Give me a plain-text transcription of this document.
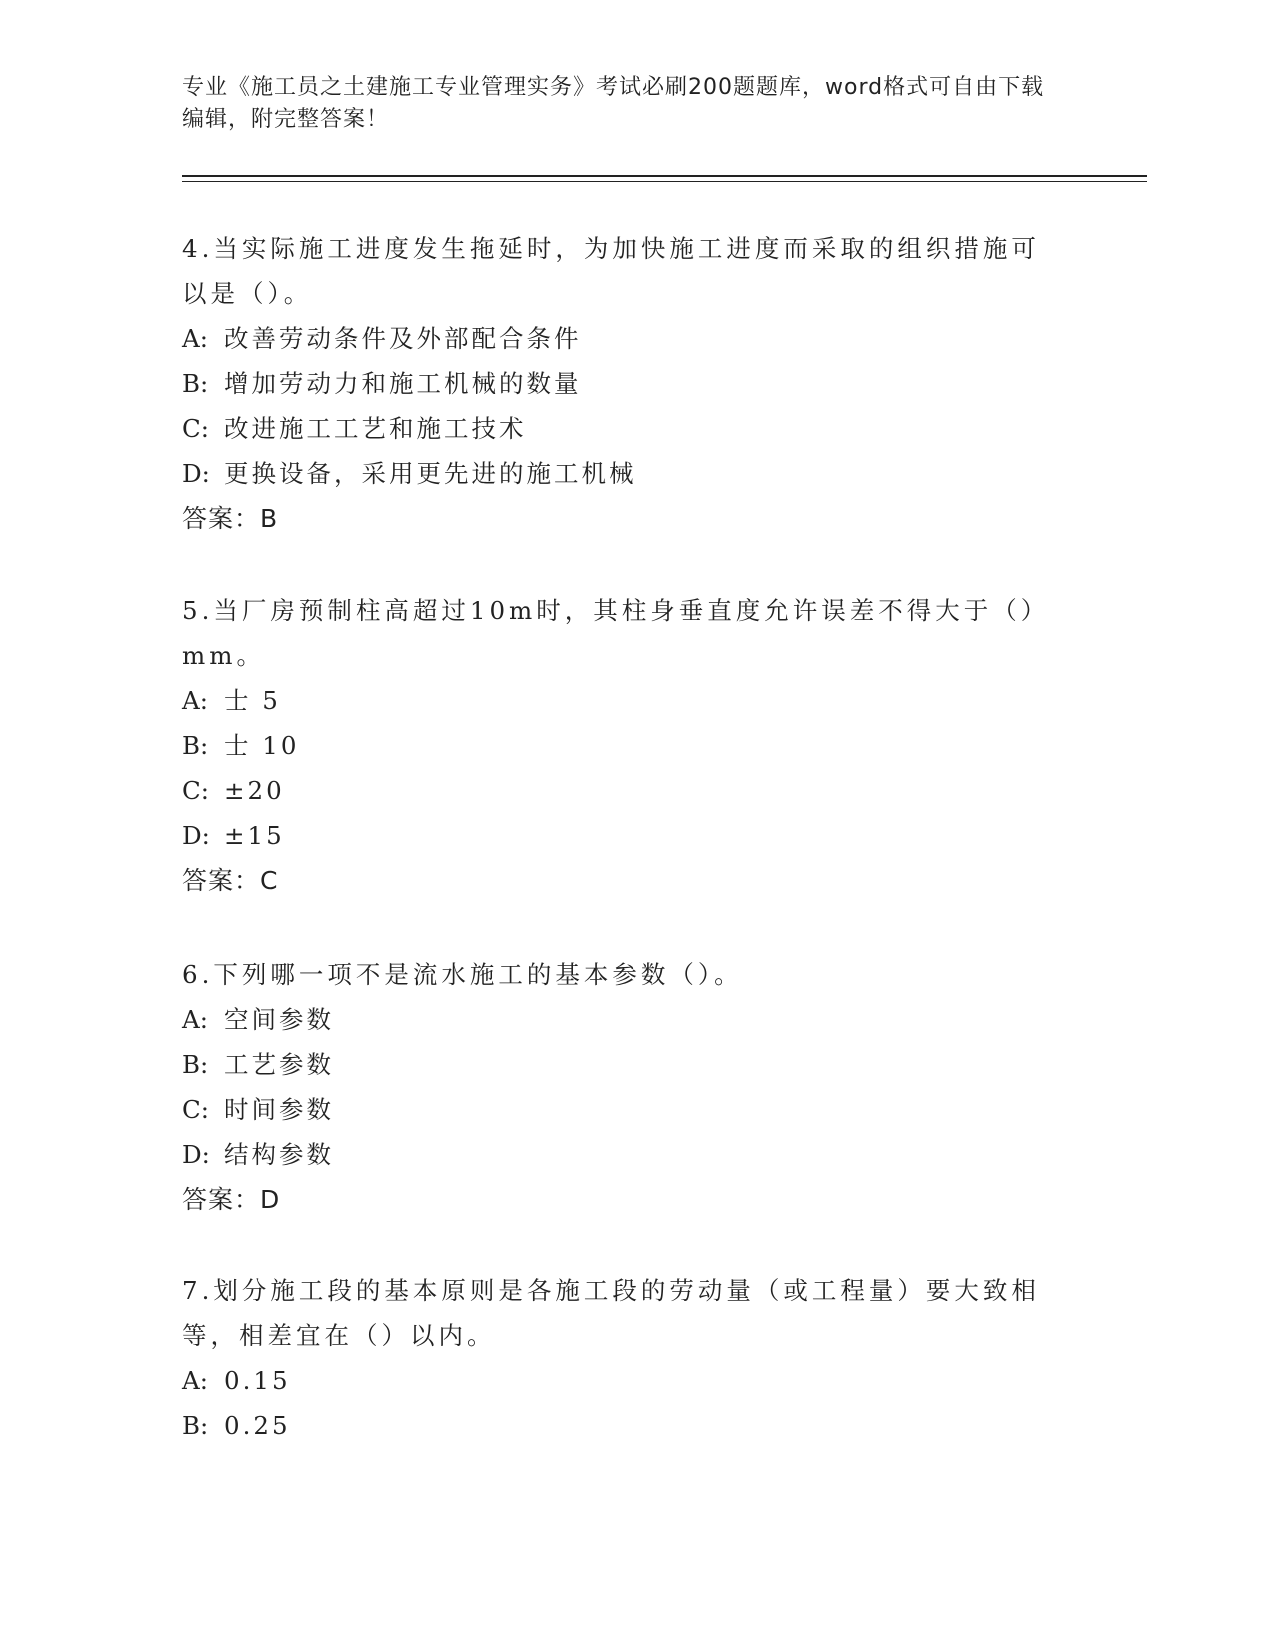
专业《施工员之土建施工专业管理实务》考试必刷200题题库，word格式可自由下载编辑，附完整答案！

4.当实际施工进度发生拖延时，为加快施工进度而采取的组织措施可以是（）。

A: 改善劳动条件及外部配合条件

B: 增加劳动力和施工机械的数量

C: 改进施工工艺和施工技术

D: 更换设备，采用更先进的施工机械

答案：B

5.当厂房预制柱高超过10m时，其柱身垂直度允许误差不得大于（）mm。

A: 士 5

B: 士 10

C: ±20

D: ±15

答案：C

6.下列哪一项不是流水施工的基本参数（）。

A: 空间参数

B: 工艺参数

C: 时间参数

D: 结构参数

答案：D

7.划分施工段的基本原则是各施工段的劳动量（或工程量）要大致相等，相差宜在（）以内。

A: 0.15

B: 0.25
